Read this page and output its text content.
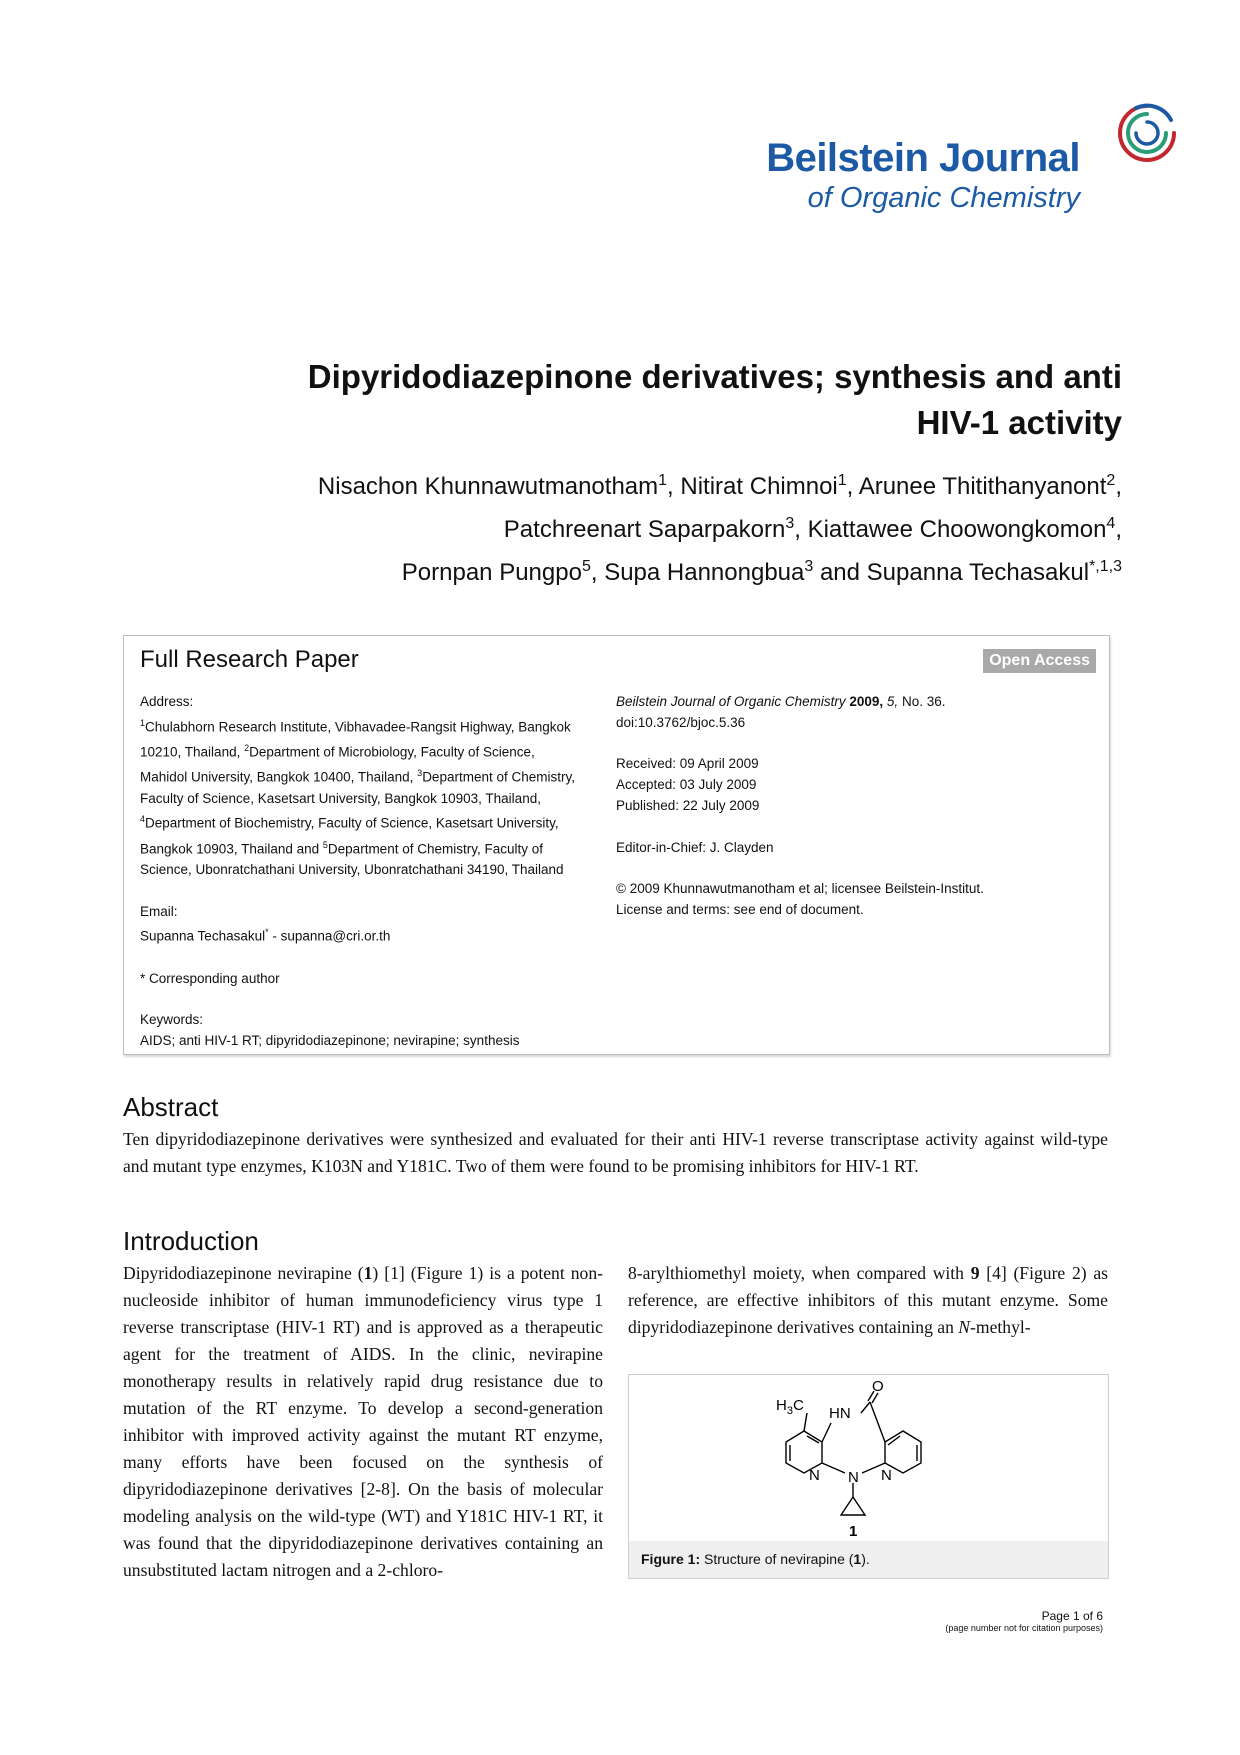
Beilstein Journal
of Organic Chemistry
Dipyridodiazepinone derivatives; synthesis and anti HIV-1 activity
Nisachon Khunnawutmanotham$^1$, Nitirat Chimnoi$^1$, Arunee Thitithanyanont$^2$,
Patchreenart Saparpakorn$^3$, Kiattawee Choowongkomon$^4$,
Pornpan Pungpo$^5$, Supa Hannongbua$^3$ and Supanna Techasakul$^{*,1,3}$
Full Research Paper	Open Access

Address:

$^1$Chulabhorn Research Institute, Vibhavadee-Rangsit Highway, Bangkok 10210, Thailand, $^2$Department of Microbiology, Faculty of Science, Mahidol University, Bangkok 10400, Thailand, $^3$Department of Chemistry, Faculty of Science, Kasetsart University, Bangkok 10903, Thailand, $^4$Department of Biochemistry, Faculty of Science, Kasetsart University, Bangkok 10903, Thailand and $^5$Department of Chemistry, Faculty of Science, Ubonratchathani University, Ubonratchathani 34190, Thailand

Email:

Supanna Techasakul* - supanna@cri.or.th

* Corresponding author

Keywords:

AIDS; anti HIV-1 RT; dipyridodiazepinone; nevirapine; synthesis

Beilstein Journal of Organic Chemistry 2009, 5, No. 36.

doi:10.3762/bjoc.5.36

Received: 09 April 2009

Accepted: 03 July 2009

Published: 22 July 2009

Editor-in-Chief: J. Clayden

© 2009 Khunnawutmanotham et al; licensee Beilstein-Institut.

License and terms: see end of document.

Abstract

Ten dipyridodiazepinone derivatives were synthesized and evaluated for their anti HIV-1 reverse transcriptase activity against wild-type and mutant type enzymes, K103N and Y181C. Two of them were found to be promising inhibitors for HIV-1 RT.

Introduction

Dipyridodiazepinone nevirapine (1) [1] (Figure 1) is a potent non-nucleoside inhibitor of human immunodeficiency virus type 1 reverse transcriptase (HIV-1 RT) and is approved as a therapeutic agent for the treatment of AIDS. In the clinic, nevirapine monotherapy results in relatively rapid drug resistance due to mutation of the RT enzyme. To develop a second-generation inhibitor with improved activity against the mutant RT enzyme, many efforts have been focused on the synthesis of dipyridodiazepinone derivatives [2-8]. On the basis of molecular modeling analysis on the wild-type (WT) and Y181C HIV-1 RT, it was found that the dipyridodiazepinone derivatives containing an unsubstituted lactam nitrogen and a 2-chloro-

8-arylthiomethyl moiety, when compared with 9 [4] (Figure 2) as reference, are effective inhibitors of this mutant enzyme. Some dipyridodiazepinone derivatives containing an N-methyl-

$H_3C$ HN
O
N N N
1
Figure 1: Structure of nevirapine (1).
Page 1 of 6
(page number not for citation purposes)
